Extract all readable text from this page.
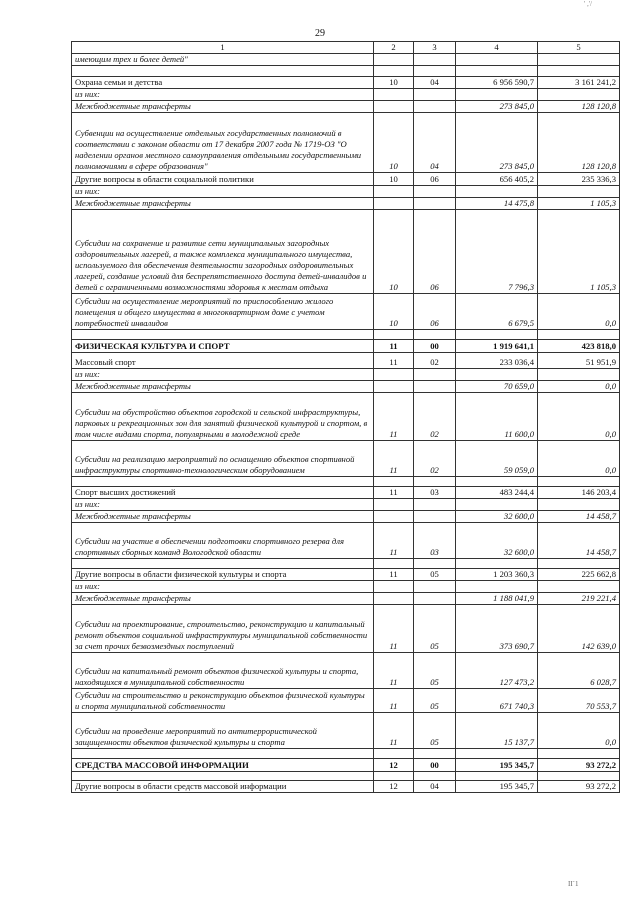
' ,'/
29
1	2	3	4	5
имеющим трех и более детей"				

Охрана семьи и детства	10	04	6 956 590,7	3 161 241,2
из них:				
Межбюджетные трансферты			273 845,0	128 120,8
Субвенции на осуществление отдельных государственных полномочий в соответствии с законом области от 17 декабря 2007 года № 1719-ОЗ "О наделении органов местного самоуправления отдельными государственными полномочиями в сфере образования"	10	04	273 845,0	128 120,8
Другие вопросы в области социальной политики	10	06	656 405,2	235 336,3
из них:				
Межбюджетные трансферты			14 475,8	1 105,3
Субсидии на сохранение и развитие сети муниципальных загородных оздоровительных лагерей, а также комплекса муниципального имущества, используемого для обеспечения деятельности загородных оздоровительных лагерей, создание условий для беспрепятственного доступа детей-инвалидов и детей с ограниченными возможностями здоровья к местам отдыха	10	06	7 796,3	1 105,3
Субсидии на осуществление мероприятий по приспособлению жилого помещения и общего имущества в многоквартирном доме с учетом потребностей инвалидов	10	06	6 679,5	0,0

ФИЗИЧЕСКАЯ КУЛЬТУРА И СПОРТ	11	00	1 919 641,1	423 818,0
Массовый спорт	11	02	233 036,4	51 951,9
из них:				
Межбюджетные трансферты			70 659,0	0,0
Субсидии на обустройство объектов городской и сельской инфраструктуры, парковых и рекреационных зон для занятий физической культурой и спортом, в том числе видами спорта, популярными в молодежной среде	11	02	11 600,0	0,0
Субсидии на реализацию мероприятий по оснащению объектов спортивной инфраструктуры спортивно-технологическим оборудованием	11	02	59 059,0	0,0

Спорт высших достижений	11	03	483 244,4	146 203,4
из них:				
Межбюджетные трансферты			32 600,0	14 458,7
Субсидии на участие в обеспечении подготовки спортивного резерва для спортивных сборных команд Вологодской области	11	03	32 600,0	14 458,7

Другие вопросы в области физической культуры и спорта	11	05	1 203 360,3	225 662,8
из них:				
Межбюджетные трансферты			1 188 041,9	219 221,4
Субсидии на проектирование, строительство, реконструкцию и капитальный ремонт объектов социальной инфраструктуры муниципальной собственности за счет прочих безвозмездных поступлений	11	05	373 690,7	142 639,0
Субсидии на капитальный ремонт объектов физической культуры и спорта, находящихся в муниципальной собственности	11	05	127 473,2	6 028,7
Субсидии на строительство и реконструкцию объектов физической культуры и спорта муниципальной собственности	11	05	671 740,3	70 553,7
Субсидии на проведение мероприятий по антитеррористической защищенности объектов физической культуры и спорта	11	05	15 137,7	0,0

СРЕДСТВА МАССОВОЙ ИНФОРМАЦИИ	12	00	195 345,7	93 272,2

Другие вопросы в области средств массовой информации	12	04	195 345,7	93 272,2
II`1
